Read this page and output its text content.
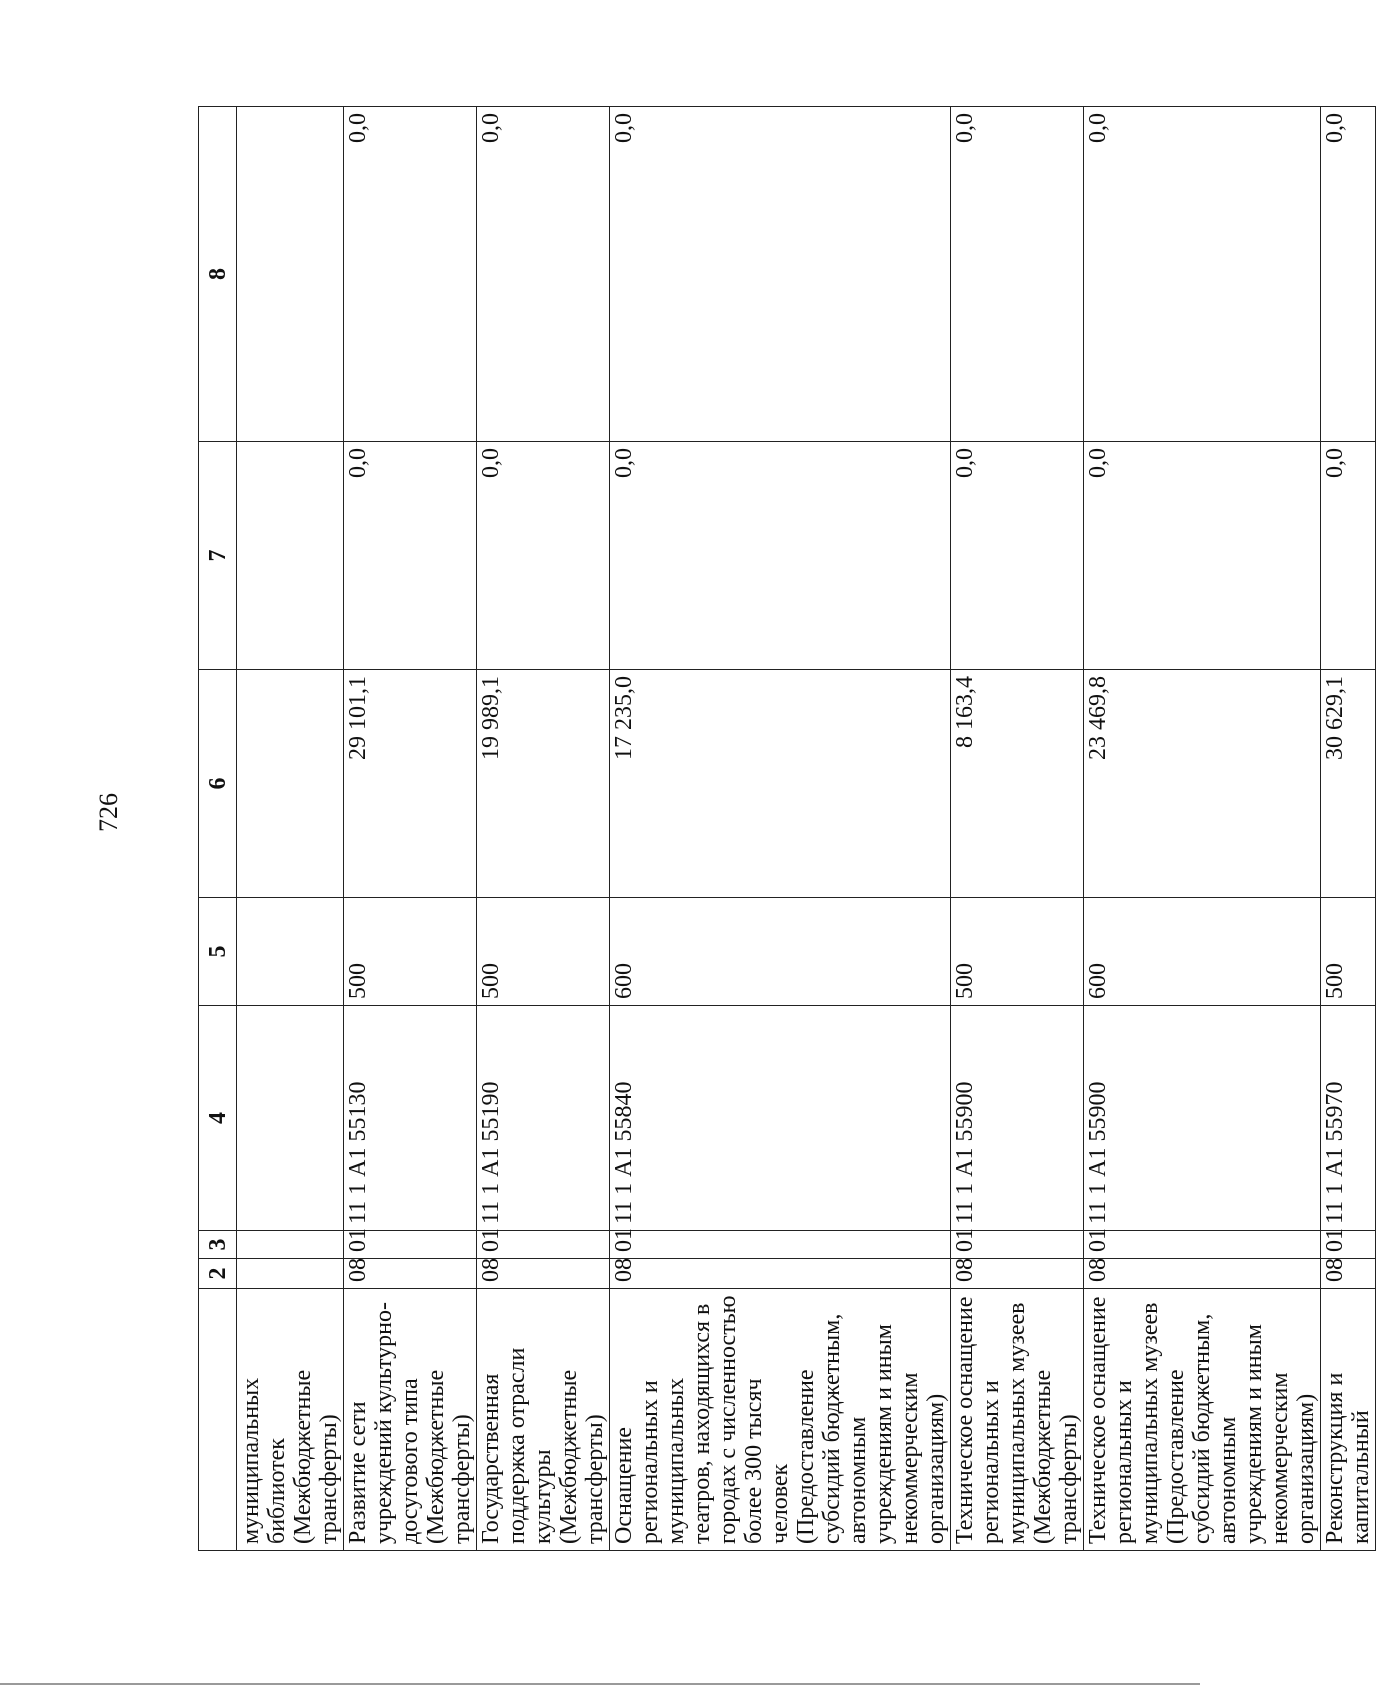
726
	2	3	4	5	6	7	8
муниципальных библиотек (Межбюджетные трансферты)							
Развитие сети учреждений культурно-досугового типа (Межбюджетные трансферты)	08	01	11 1 А1 55130	500	29 101,1	0,0	0,0
Государственная поддержка отрасли культуры (Межбюджетные трансферты)	08	01	11 1 А1 55190	500	19 989,1	0,0	0,0
Оснащение региональных и муниципальных театров, находящихся в городах с численностью более 300 тысяч человек (Предоставление субсидий бюджетным, автономным учреждениям и иным некоммерческим организациям)	08	01	11 1 А1 55840	600	17 235,0	0,0	0,0
Техническое оснащение региональных и муниципальных музеев (Межбюджетные трансферты)	08	01	11 1 А1 55900	500	8 163,4	0,0	0,0
Техническое оснащение региональных и муниципальных музеев (Предоставление субсидий бюджетным, автономным учреждениям и иным некоммерческим организациям)	08	01	11 1 А1 55900	600	23 469,8	0,0	0,0
Реконструкция и капитальный	08	01	11 1 А1 55970	500	30 629,1	0,0	0,0
